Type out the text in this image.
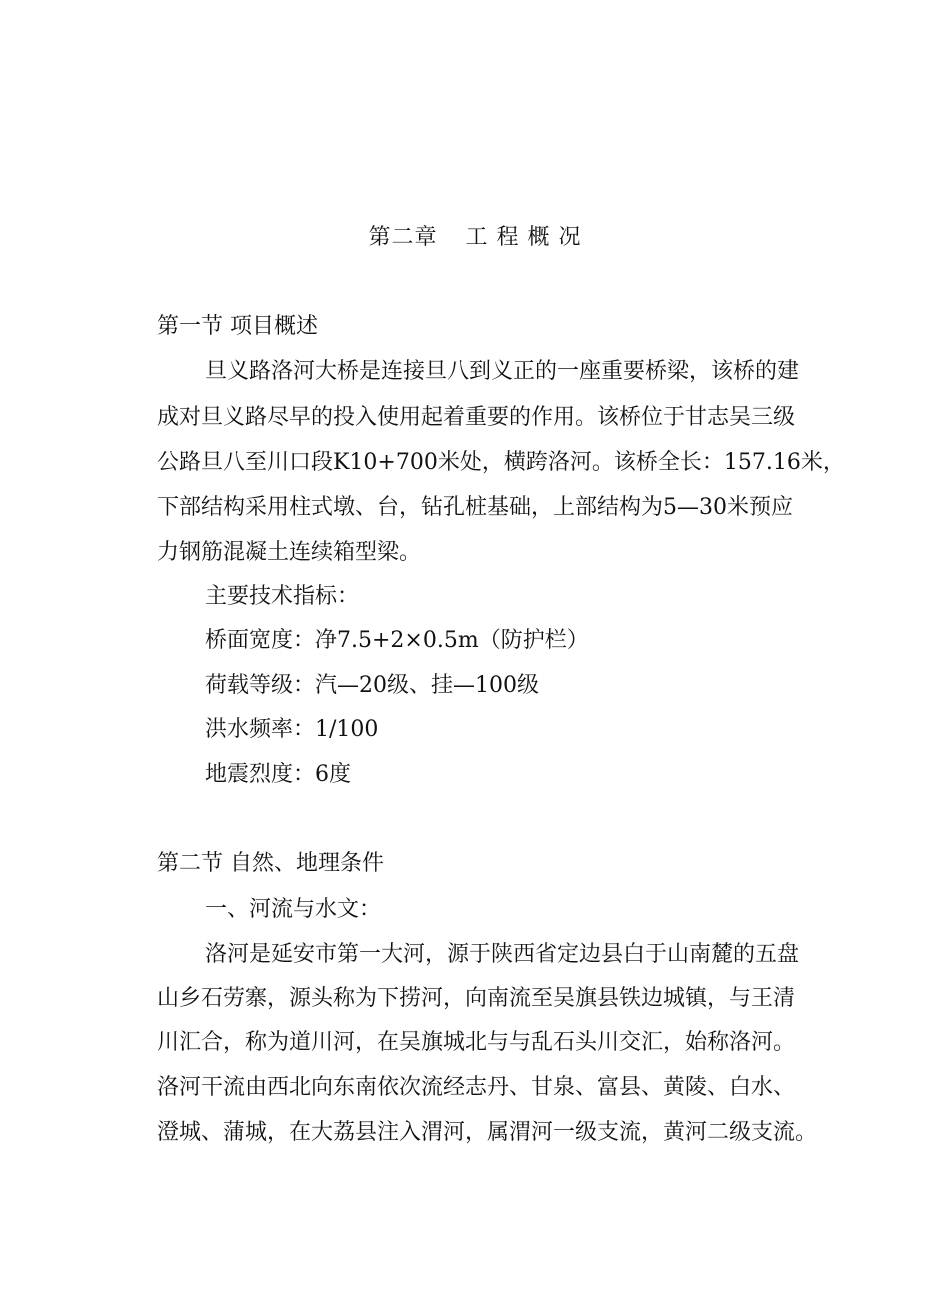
第二章 工 程 概 况
第一节 项目概述

旦义路洛河大桥是连接旦八到义正的一座重要桥梁，该桥的建

成对旦义路尽早的投入使用起着重要的作用。该桥位于甘志吴三级

公路旦八至川口段K10+700米处，横跨洛河。该桥全长：157.16米，

下部结构采用柱式墩、台，钻孔桩基础，上部结构为5—30米预应

力钢筋混凝土连续箱型梁。

主要技术指标：

桥面宽度：净7.5+2×0.5m（防护栏）

荷载等级：汽—20级、挂—100级

洪水频率：1/100

地震烈度：6度

第二节 自然、地理条件

一、河流与水文：

洛河是延安市第一大河，源于陕西省定边县白于山南麓的五盘

山乡石劳寨，源头称为下捞河，向南流至吴旗县铁边城镇，与王清

川汇合，称为道川河，在吴旗城北与与乱石头川交汇，始称洛河。

洛河干流由西北向东南依次流经志丹、甘泉、富县、黄陵、白水、

澄城、蒲城，在大荔县注入渭河，属渭河一级支流，黄河二级支流。
